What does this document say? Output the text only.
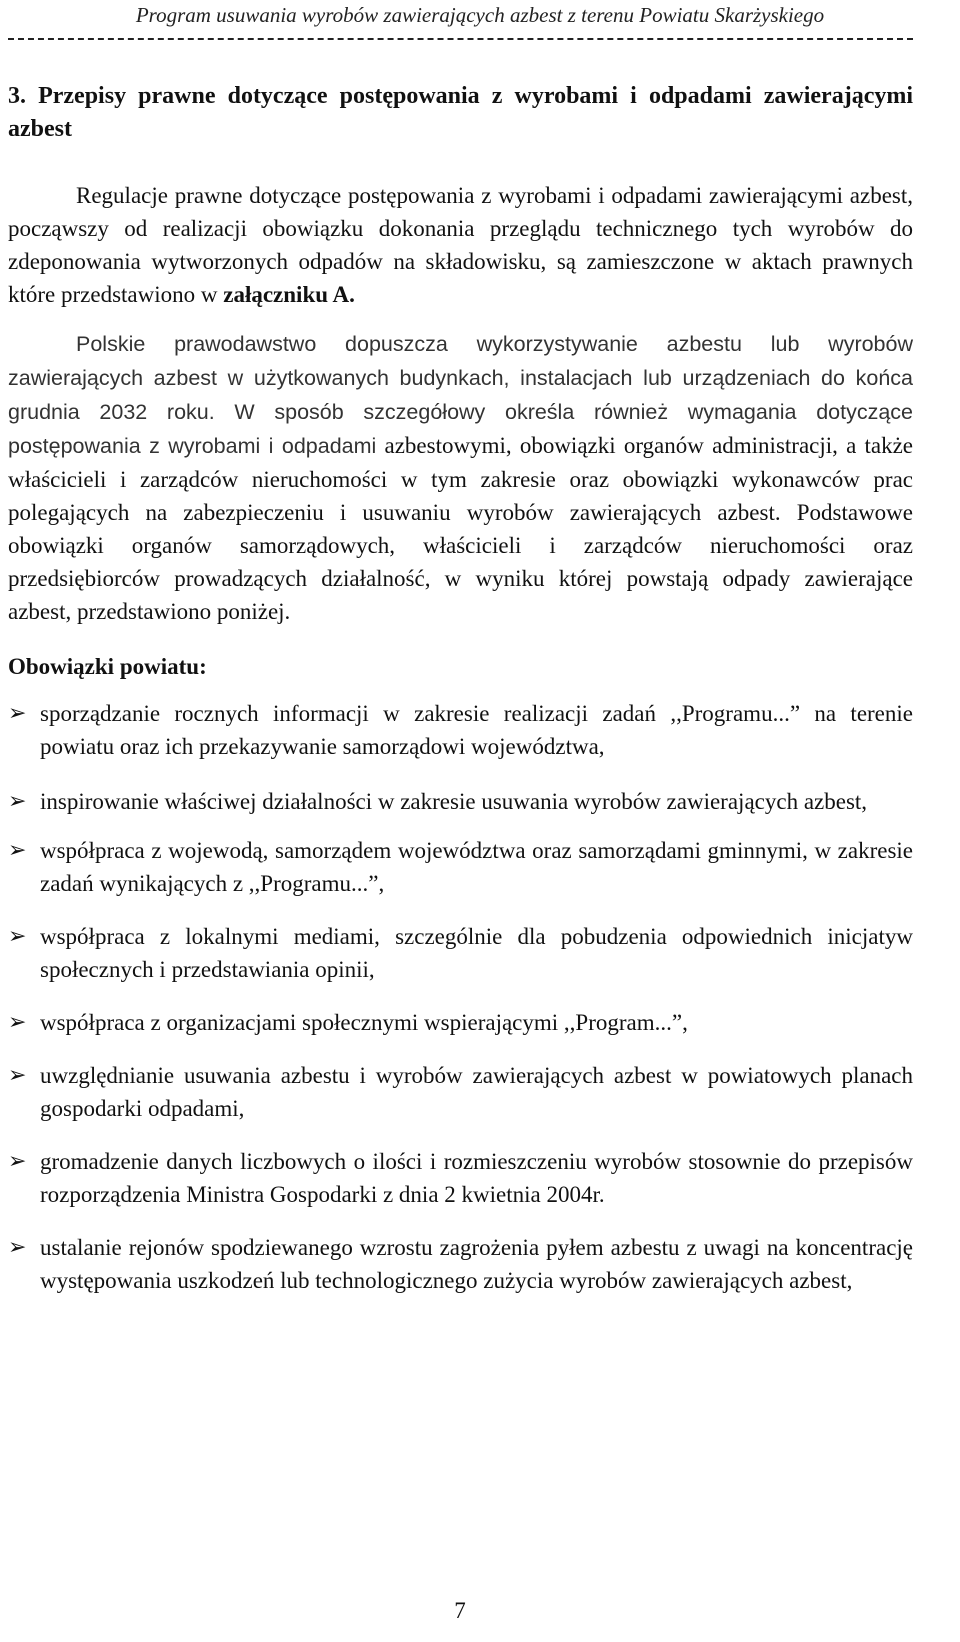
Program usuwania wyrobów zawierających azbest z terenu Powiatu Skarżyskiego
3. Przepisy prawne dotyczące postępowania z wyrobami i odpadami zawierającymi azbest

Regulacje prawne dotyczące postępowania z wyrobami i odpadami zawierającymi azbest, począwszy od realizacji obowiązku dokonania przeglądu technicznego tych wyrobów do zdeponowania wytworzonych odpadów na składowisku, są zamieszczone w aktach prawnych które przedstawiono w załączniku A.

Polskie prawodawstwo dopuszcza wykorzystywanie azbestu lub wyrobów zawierających azbest w użytkowanych budynkach, instalacjach lub urządzeniach do końca grudnia 2032 roku. W sposób szczegółowy określa również wymagania dotyczące postępowania z wyrobami i odpadami azbestowymi, obowiązki organów administracji, a także właścicieli i zarządców nieruchomości w tym zakresie oraz obowiązki wykonawców prac polegających na zabezpieczeniu i usuwaniu wyrobów zawierających azbest. Podstawowe obowiązki organów samorządowych, właścicieli i zarządców nieruchomości oraz przedsiębiorców prowadzących działalność, w wyniku której powstają odpady zawierające azbest, przedstawiono poniżej.

Obowiązki powiatu:
➢ sporządzanie rocznych informacji w zakresie realizacji zadań ,,Programu...” na terenie powiatu oraz ich przekazywanie samorządowi województwa,
➢ inspirowanie właściwej działalności w zakresie usuwania wyrobów zawierających azbest,
➢ współpraca z wojewodą, samorządem województwa oraz samorządami gminnymi, w zakresie zadań wynikających z ,,Programu...”,
➢ współpraca z lokalnymi mediami, szczególnie dla pobudzenia odpowiednich inicjatyw społecznych i przedstawiania opinii,
➢ współpraca z organizacjami społecznymi wspierającymi ,,Program...”,
➢ uwzględnianie usuwania azbestu i wyrobów zawierających azbest w powiatowych planach gospodarki odpadami,
➢ gromadzenie danych liczbowych o ilości i rozmieszczeniu wyrobów stosownie do przepisów rozporządzenia Ministra Gospodarki z dnia 2 kwietnia 2004r.
➢ ustalanie rejonów spodziewanego wzrostu zagrożenia pyłem azbestu z uwagi na koncentrację występowania uszkodzeń lub technologicznego zużycia wyrobów zawierających azbest,
7
